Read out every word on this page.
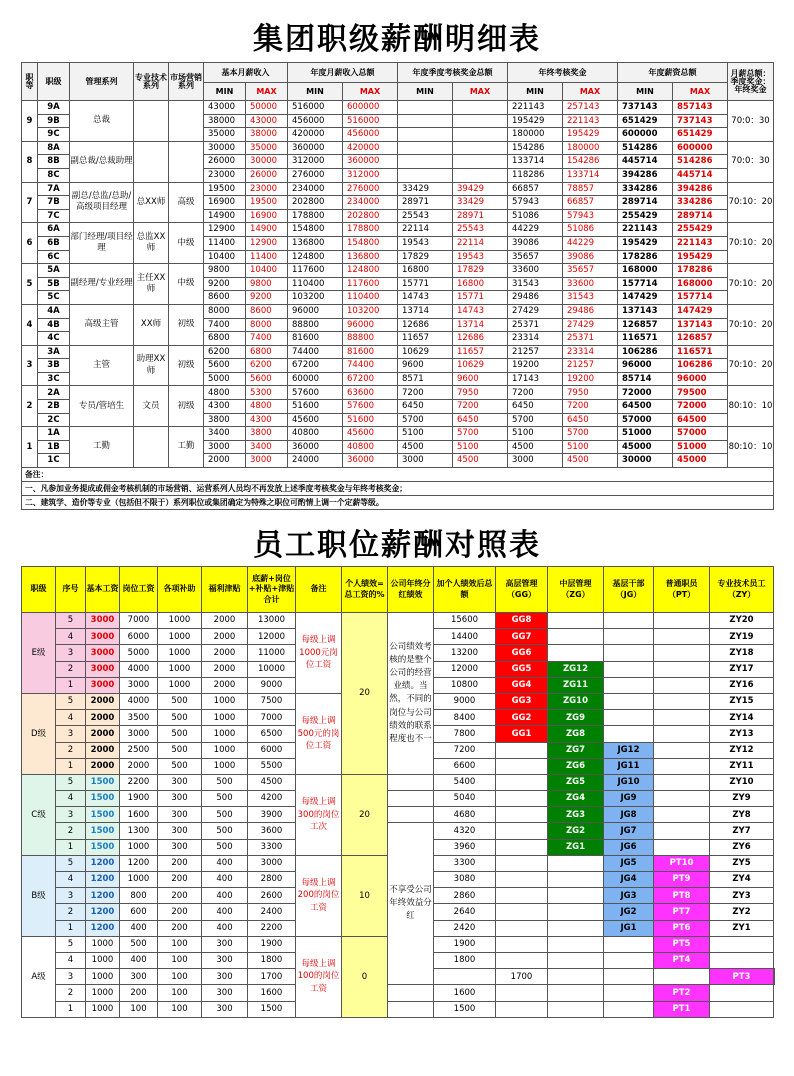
集团职级薪酬明细表
职等	职级	管理系列	专业技术系列	市场营销系列	基本月薪收入		年度月薪收入总额		年度季度考核奖金总额		年终考核奖金		年度薪资总额		月薪总额：季度奖金：年终奖金
					MIN	MAX	MIN	MAX	MIN	MAX	MIN	MAX	MIN	MAX	
9	9A	总裁			43000	50000	516000	600000			221143	257143	737143	857143	70:0：30
	9B				38000	43000	456000	516000			195429	221143	651429	737143	
	9C				35000	38000	420000	456000			180000	195429	600000	651429	
8	8A	副总裁/总裁助理			30000	35000	360000	420000			154286	180000	514286	600000	70:0：30
	8B				26000	30000	312000	360000			133714	154286	445714	514286	
	8C				23000	26000	276000	312000			118286	133714	394286	445714	
7	7A	副总/总监/总助/高级项目经理	总XX师	高级	19500	23000	234000	276000	33429	39429	66857	78857	334286	394286	70:10：20
	7B				16900	19500	202800	234000	28971	33429	57943	66857	289714	334286	
	7C				14900	16900	178800	202800	25543	28971	51086	57943	255429	289714	
6	6A	部门经理/项目经理	总监XX师	中级	12900	14900	154800	178800	22114	25543	44229	51086	221143	255429	70:10：20
	6B				11400	12900	136800	154800	19543	22114	39086	44229	195429	221143	
	6C				10400	11400	124800	136800	17829	19543	35657	39086	178286	195429	
5	5A	副经理/专业经理	主任XX师	中级	9800	10400	117600	124800	16800	17829	33600	35657	168000	178286	70:10：20
	5B				9200	9800	110400	117600	15771	16800	31543	33600	157714	168000	
	5C				8600	9200	103200	110400	14743	15771	29486	31543	147429	157714	
4	4A	高级主管	XX师	初级	8000	8600	96000	103200	13714	14743	27429	29486	137143	147429	70:10：20
	4B				7400	8000	88800	96000	12686	13714	25371	27429	126857	137143	
	4C				6800	7400	81600	88800	11657	12686	23314	25371	116571	126857	
3	3A	主管	助理XX师	初级	6200	6800	74400	81600	10629	11657	21257	23314	106286	116571	70:10：20
	3B				5600	6200	67200	74400	9600	10629	19200	21257	96000	106286	
	3C				5000	5600	60000	67200	8571	9600	17143	19200	85714	96000	
2	2A	专员/管培生	文员	初级	4800	5300	57600	63600	7200	7950	7200	7950	72000	79500	80:10：10
	2B				4300	4800	51600	57600	6450	7200	6450	7200	64500	72000	
	2C				3800	4300	45600	51600	5700	6450	5700	6450	57000	64500	
1	1A	工勤		工勤	3400	3800	40800	45600	5100	5700	5100	5700	51000	57000	80:10：10
	1B				3000	3400	36000	40800	4500	5100	4500	5100	45000	51000	
	1C				2000	3000	24000	36000	3000	4500	3000	4500	30000	45000	
备注：															
一、凡参加业务提成或佣金考核机制的市场营销、运营系列人员均不再发放上述季度考核奖金与年终考核奖金；															
二、建筑学、造价等专业（包括但不限于）系列职位或集团确定为特殊之职位可酌情上调一个定薪等级。															
员工职位薪酬对照表
职级	序号	基本工资	岗位工资	各项补助	福利津贴	底薪+岗位+补贴+津贴合计	备注	个人绩效=总工资的%	公司年终分红绩效	加个人绩效后总额	高层管理（GG）	中层管理（ZG）	基层干部（JG）	普通职员（PT）	专业技术员工（ZY）	
E级	5	3000	7000	1000	2000	13000	每级上调1000元岗位工资	20	公司绩效考核的是整个公司的经营业绩。当然，不同的岗位与公司绩效的联系程度也不一	15600	GG8				ZY20	
	4	3000	6000	1000	2000	12000				14400	GG7				ZY19	
	3	3000	5000	1000	2000	11000				13200	GG6				ZY18	
	2	3000	4000	1000	2000	10000				12000	GG5	ZG12			ZY17	
	1	3000	3000	1000	2000	9000				10800	GG4	ZG11			ZY16	
D级	5	2000	4000	500	1000	7500	每级上调500元的岗位工资			9000	GG3	ZG10			ZY15	
	4	2000	3500	500	1000	7000				8400	GG2	ZG9			ZY14	
	3	2000	3000	500	1000	6500				7800	GG1	ZG8			ZY13	
	2	2000	2500	500	1000	6000				7200		ZG7	JG12		ZY12	
	1	2000	2000	500	1000	5500				6600		ZG6	JG11		ZY11	
C级	5	1500	2200	300	500	4500	每级上调300的岗位工次	20		5400		ZG5	JG10		ZY10	
	4	1500	1900	300	500	4200				5040		ZG4	JG9		ZY9	
	3	1500	1600	300	500	3900				4680		ZG3	JG8		ZY8	
	2	1500	1300	300	500	3600			不享受公司年终效益分红	4320		ZG2	JG7		ZY7	
	1	1500	1000	300	500	3300				3960		ZG1	JG6		ZY6	
B级	5	1200	1200	200	400	3000	每级上调200的岗位工资	10		3300			JG5	PT10	ZY5	
	4	1200	1000	200	400	2800				3080			JG4	PT9	ZY4	
	3	1200	800	200	400	2600				2860			JG3	PT8	ZY3	
	2	1200	600	200	400	2400				2640			JG2	PT7	ZY2	
	1	1200	400	200	400	2200				2420			JG1	PT6	ZY1	
A级	5	1000	500	100	300	1900	每级上调100的岗位工资	0		1900				PT5		
	4	1000	400	100	300	1800				1800				PT4		
	3	1000	300	100	300	1700					1700				PT3	
	2	1000	200	100	300	1600				1600				PT2		
	1	1000	100	100	300	1500				1500				PT1		
